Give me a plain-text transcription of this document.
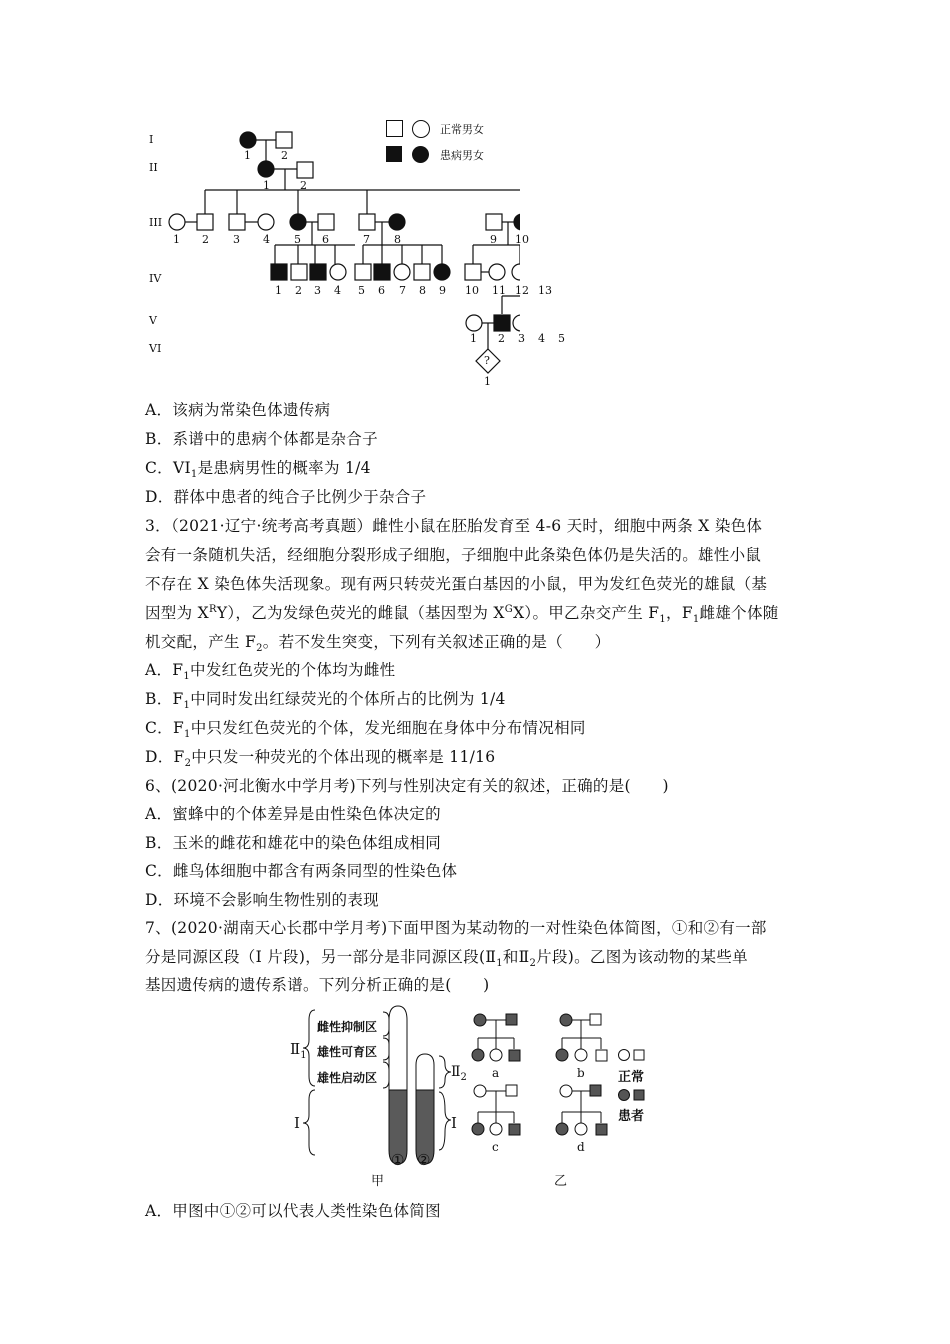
I
II
III
IV
V
VI
1	2
1	2
1 2 3 4 5 6	7 8	9 10
1 2 3 4 5 6 7 8 9 10 11 12 13
1 2 3 4 5
?
1
正常男女
患病男女
A．该病为常染色体遗传病
B．系谱中的患病个体都是杂合子
C．$VI_1$是患病男性的概率为 1/4
D．群体中患者的纯合子比例少于杂合子
3．（2021·辽宁·统考高考真题）雌性小鼠在胚胎发育至 4-6 天时，细胞中两条 X 染色体
会有一条随机失活，经细胞分裂形成子细胞，子细胞中此条染色体仍是失活的。雄性小鼠
不存在 X 染色体失活现象。现有两只转荧光蛋白基因的小鼠，甲为发红色荧光的雄鼠（基
因型为 $X^RY$），乙为发绿色荧光的雌鼠（基因型为 $X^GX$）。甲乙杂交产生 $F_1$，$F_1$雌雄个体随
机交配，产生 $F_2$。若不发生突变，下列有关叙述正确的是（　　）
A．$F_1$中发红色荧光的个体均为雌性
B．$F_1$中同时发出红绿荧光的个体所占的比例为 1/4
C．$F_1$中只发红色荧光的个体，发光细胞在身体中分布情况相同
D．$F_2$中只发一种荧光的个体出现的概率是 11/16
6、(2020·河北衡水中学月考)下列与性别决定有关的叙述，正确的是(　　)
A．蜜蜂中的个体差异是由性染色体决定的
B．玉米的雌花和雄花中的染色体组成相同
C．雌鸟体细胞中都含有两条同型的性染色体
D．环境不会影响生物性别的表现
7、(2020·湖南天心长郡中学月考)下面甲图为某动物的一对性染色体简图，①和②有一部
分是同源区段（Ⅰ 片段)，另一部分是非同源区段($Ⅱ_1$和$Ⅱ_2$片段)。乙图为该动物的某些单
基因遗传病的遗传系谱。下列分析正确的是(　　)
雌性抑制区
雄性可育区
雄性启动区
$Ⅱ_1$
Ⅰ
$Ⅱ_2$
Ⅰ
① ②
甲	乙
a	b
c	d
正常
患者
A．甲图中①②可以代表人类性染色体简图
